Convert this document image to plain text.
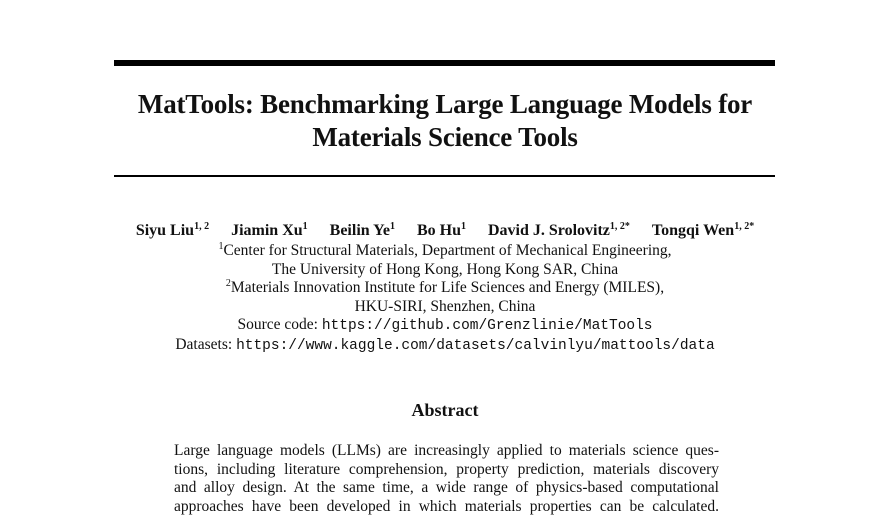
MatTools: Benchmarking Large Language Models for
Materials Science Tools
Siyu Liu$^{1, 2}$ Jiamin Xu$^1$ Beilin Ye$^1$ Bo Hu$^1$ David J. Srolovitz$^{1, 2*}$ Tongqi Wen$^{1, 2*}$
$^1$Center for Structural Materials, Department of Mechanical Engineering,
The University of Hong Kong, Hong Kong SAR, China
$^2$Materials Innovation Institute for Life Sciences and Energy (MILES),
HKU-SIRI, Shenzhen, China
Source code: https://github.com/Grenzlinie/MatTools
Datasets: https://www.kaggle.com/datasets/calvinlyu/mattools/data
Abstract
Large language models (LLMs) are increasingly applied to materials science ques-
tions, including literature comprehension, property prediction, materials discovery
and alloy design. At the same time, a wide range of physics-based computational
approaches have been developed in which materials properties can be calculated.
